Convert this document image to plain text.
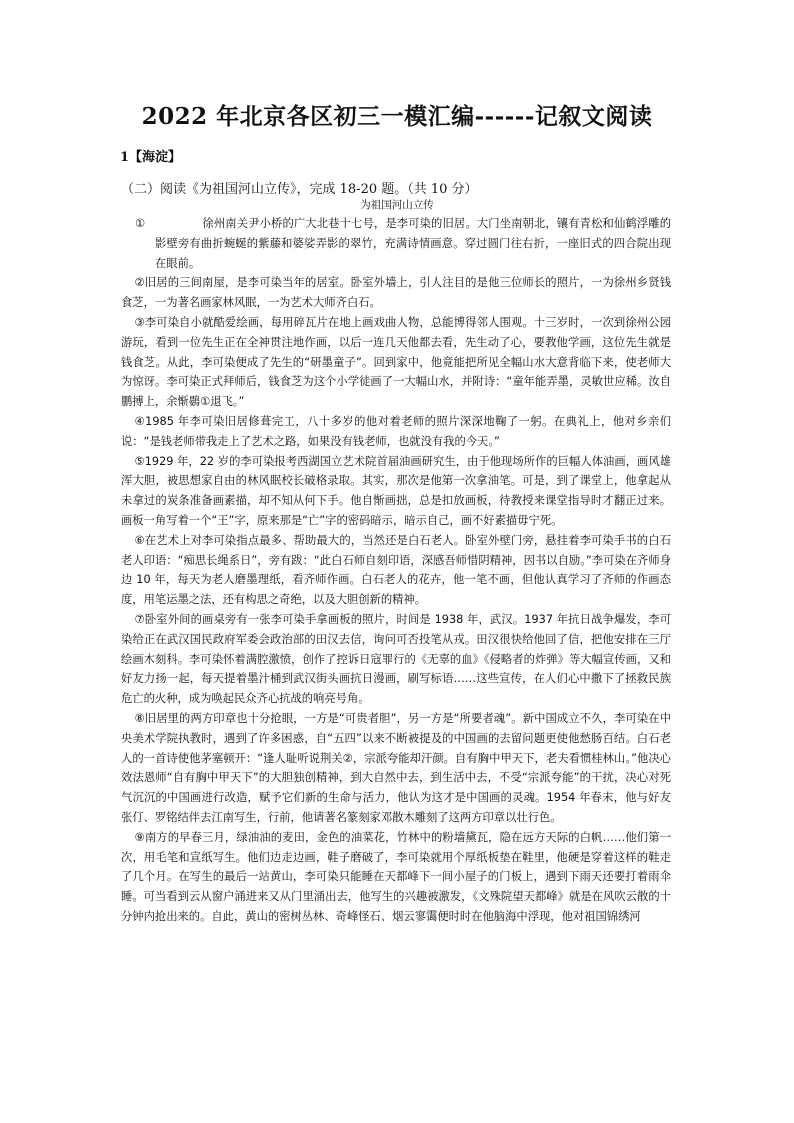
2022 年北京各区初三一模汇编------记叙文阅读
1【海淀】
（二）阅读《为祖国河山立传》，完成 18-20 题。（共 10 分）
为祖国河山立传

①　　　　　徐州南关尹小桥的广大北巷十七号，是李可染的旧居。大门坐南朝北，镶有青松和仙鹤浮雕的影壁旁有曲折蜿蜒的紫藤和婆娑弄影的翠竹，充满诗情画意。穿过圆门往右折，一座旧式的四合院出现在眼前。

②旧居的三间南屋，是李可染当年的居室。卧室外墙上，引人注目的是他三位师长的照片，一为徐州乡贤钱食芝，一为著名画家林风眠，一为艺术大师齐白石。

③李可染自小就酷爱绘画，每用碎瓦片在地上画戏曲人物，总能博得邻人围观。十三岁时，一次到徐州公园游玩，看到一位先生正在全神贯注地作画，以后一连几天他都去看，先生动了心，要教他学画，这位先生就是钱食芝。从此，李可染便成了先生的“研墨童子”。回到家中，他竟能把所见全幅山水大意背临下来，使老师大为惊讶。李可染正式拜师后，钱食芝为这个小学徒画了一大幅山水，并附诗：“童年能弄墨，灵敏世应稀。汝自鹏搏上，余惭鷃①退飞。”

④1985 年李可染旧居修葺完工，八十多岁的他对着老师的照片深深地鞠了一躬。在典礼上，他对乡亲们说：“是钱老师带我走上了艺术之路，如果没有钱老师，也就没有我的今天。”

⑤1929 年，22 岁的李可染报考西湖国立艺术院首届油画研究生，由于他现场所作的巨幅人体油画，画风雄浑大胆，被思想家自由的林风眠校长破格录取。其实，那次是他第一次拿油笔。可是，到了课堂上，他拿起从未拿过的炭条准备画素描，却不知从何下手。他自惭画拙，总是扣放画板，待教授来课堂指导时才翻正过来。画板一角写着一个“王”字，原来那是“亡”字的密码暗示，暗示自己，画不好素描毋宁死。

⑥在艺术上对李可染指点最多、帮助最大的，当然还是白石老人。卧室外壁门旁，悬挂着李可染手书的白石老人印语：“痴思长绳系日”，旁有跋：“此白石师自刻印语，深感吾师惜阴精神，因书以自励。”李可染在齐师身边 10 年，每天为老人磨墨理纸，看齐师作画。白石老人的花卉，他一笔不画，但他认真学习了齐师的作画态度，用笔运墨之法，还有构思之奇绝，以及大胆创新的精神。

⑦卧室外间的画桌旁有一张李可染手拿画板的照片，时间是 1938 年，武汉。1937 年抗日战争爆发，李可染给正在武汉国民政府军委会政治部的田汉去信，询问可否投笔从戎。田汉很快给他回了信，把他安排在三厅绘画木刻科。李可染怀着满腔激愤，创作了控诉日寇罪行的《无辜的血》《侵略者的炸弹》等大幅宣传画，又和好友力扬一起，每天提着墨汁桶到武汉街头画抗日漫画，刷写标语……这些宣传，在人们心中撒下了拯救民族危亡的火种，成为唤起民众齐心抗战的响亮号角。

⑧旧居里的两方印章也十分抢眼，一方是“可贵者胆”，另一方是“所要者魂”。新中国成立不久，李可染在中央美术学院执教时，遇到了许多困惑，自“五四”以来不断被提及的中国画的去留问题更使他愁肠百结。白石老人的一首诗使他茅塞顿开：“逢人耻听说荆关②，宗派夸能却汗颜。自有胸中甲天下，老夫看惯桂林山。”他决心效法恩师“自有胸中甲天下”的大胆独创精神，到大自然中去，到生活中去，不受“宗派夸能”的干扰，决心对死气沉沉的中国画进行改造，赋予它们新的生命与活力，他认为这才是中国画的灵魂。1954 年春末，他与好友张仃、罗铭结伴去江南写生，行前，他请著名篆刻家邓散木雕刻了这两方印章以壮行色。

⑨南方的早春三月，绿油油的麦田，金色的油菜花，竹林中的粉墙黛瓦，隐在远方天际的白帆……他们第一次，用毛笔和宣纸写生。他们边走边画，鞋子磨破了，李可染就用个厚纸板垫在鞋里，他硬是穿着这样的鞋走了几个月。在写生的最后一站黄山，李可染只能睡在天都峰下一间小屋子的门板上，遇到下雨天还要打着雨伞睡。可当看到云从窗户涌进来又从门里涌出去，他写生的兴趣被激发，《文殊院望天都峰》就是在风吹云散的十分钟内抢出来的。自此，黄山的密树丛林、奇峰怪石、烟云寥霭便时时在他脑海中浮现，他对祖国锦绣河
